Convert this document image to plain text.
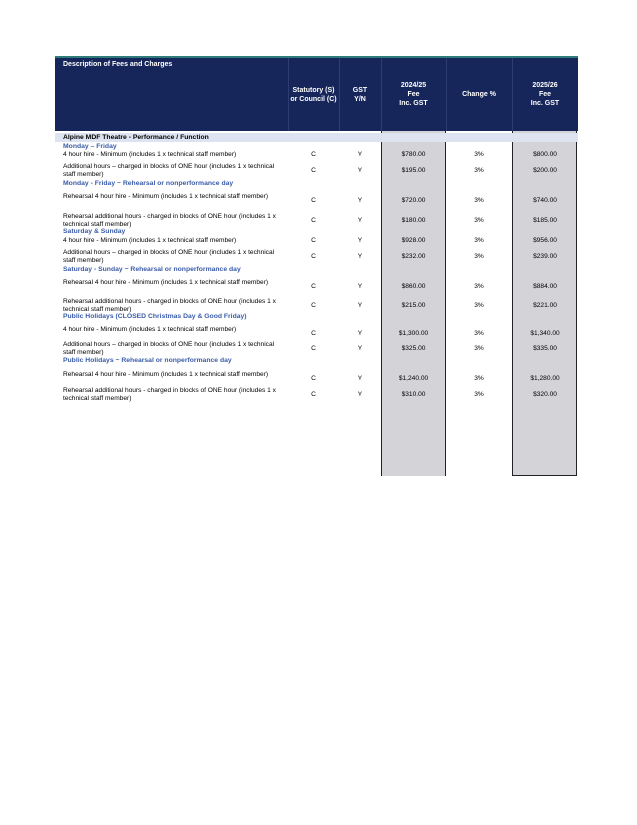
Description of Fees and Charges
Statutory (S)
or Council (C)
GST
Y/N
2024/25
Fee
Inc. GST
Change %
2025/26
Fee
Inc. GST
Alpine MDF Theatre - Performance / Function
Monday – Friday
4 hour hire - Minimum (includes 1 x technical staff member)	C	Y	$780.00	3%	$800.00
Additional hours – charged in blocks of ONE hour (includes 1 x technical staff member)
C	Y	$195.00	3%	$200.00
Monday - Friday ~ Rehearsal or nonperformance day
Rehearsal 4 hour hire - Minimum (includes 1 x technical staff member)
C	Y	$720.00	3%	$740.00
Rehearsal additional hours - charged in blocks of ONE hour (includes 1 x technical staff member)
C	Y	$180.00	3%	$185.00
Saturday & Sunday
4 hour hire - Minimum (includes 1 x technical staff member)	C	Y	$928.00	3%	$956.00
Additional hours – charged in blocks of ONE hour (includes 1 x technical staff member)
C	Y	$232.00	3%	$239.00
Saturday - Sunday ~ Rehearsal or nonperformance day
Rehearsal 4 hour hire - Minimum (includes 1 x technical staff member)
C	Y	$860.00	3%	$884.00
Rehearsal additional hours - charged in blocks of ONE hour (includes 1 x technical staff member)
C	Y	$215.00	3%	$221.00
Public Holidays (CLOSED Christmas Day & Good Friday)
4 hour hire - Minimum (includes 1 x technical staff member)
C	Y	$1,300.00	3%	$1,340.00
Additional hours – charged in blocks of ONE hour (includes 1 x technical staff member)
C	Y	$325.00	3%	$335.00
Public Holidays ~ Rehearsal or nonperformance day
Rehearsal 4 hour hire - Minimum (includes 1 x technical staff member)
C	Y	$1,240.00	3%	$1,280.00
Rehearsal additional hours - charged in blocks of ONE hour (includes 1 x technical staff member)
C	Y	$310.00	3%	$320.00
